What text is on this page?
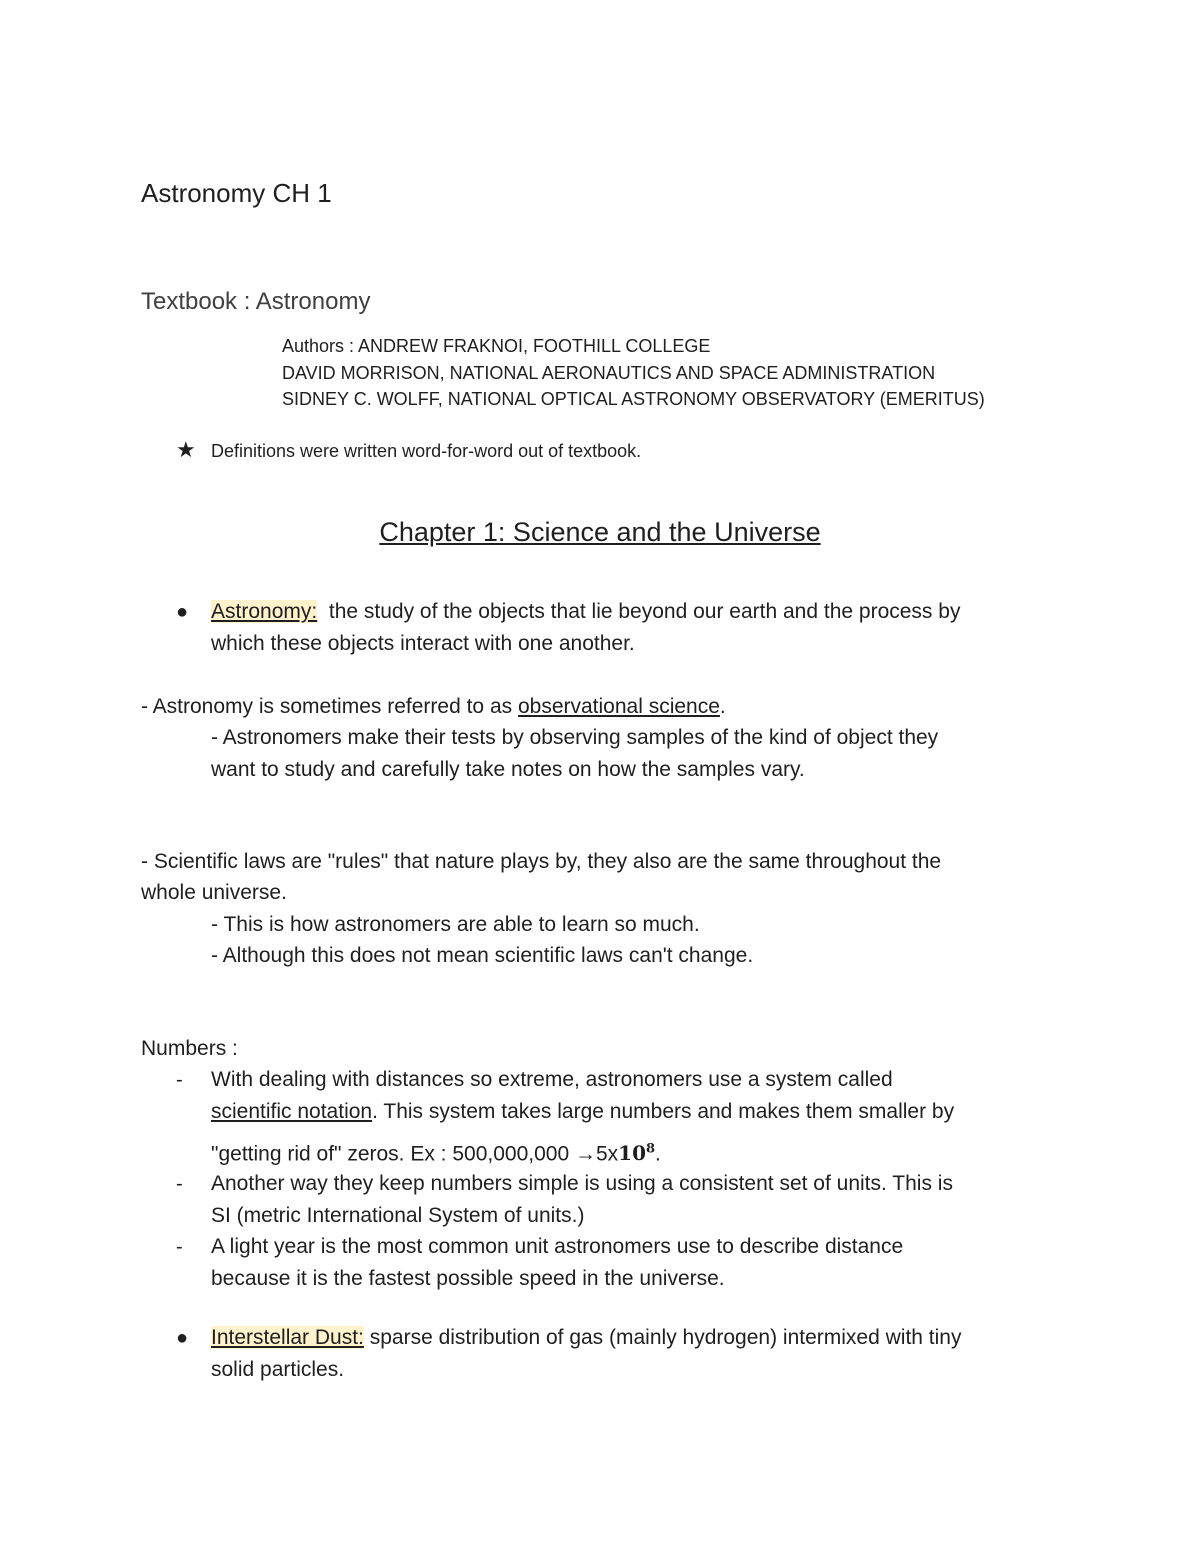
Astronomy CH 1
Textbook : Astronomy
Authors : ANDREW FRAKNOI, FOOTHILL COLLEGE
DAVID MORRISON, NATIONAL AERONAUTICS AND SPACE ADMINISTRATION
SIDNEY C. WOLFF, NATIONAL OPTICAL ASTRONOMY OBSERVATORY (EMERITUS)
★ Definitions were written word-for-word out of textbook.
Chapter 1: Science and the Universe
● Astronomy:  the study of the objects that lie beyond our earth and the process by
which these objects interact with one another.
- Astronomy is sometimes referred to as observational science.
- Astronomers make their tests by observing samples of the kind of object they
want to study and carefully take notes on how the samples vary.
- Scientific laws are "rules" that nature plays by, they also are the same throughout the
whole universe.
- This is how astronomers are able to learn so much.
- Although this does not mean scientific laws can't change.
Numbers :
- With dealing with distances so extreme, astronomers use a system called
scientific notation. This system takes large numbers and makes them smaller by
"getting rid of" zeros. Ex : $500,000,000 \to 5x10^8$.
- Another way they keep numbers simple is using a consistent set of units. This is
SI (metric International System of units.)
- A light year is the most common unit astronomers use to describe distance
because it is the fastest possible speed in the universe.
● Interstellar Dust: sparse distribution of gas (mainly hydrogen) intermixed with tiny
solid particles.
